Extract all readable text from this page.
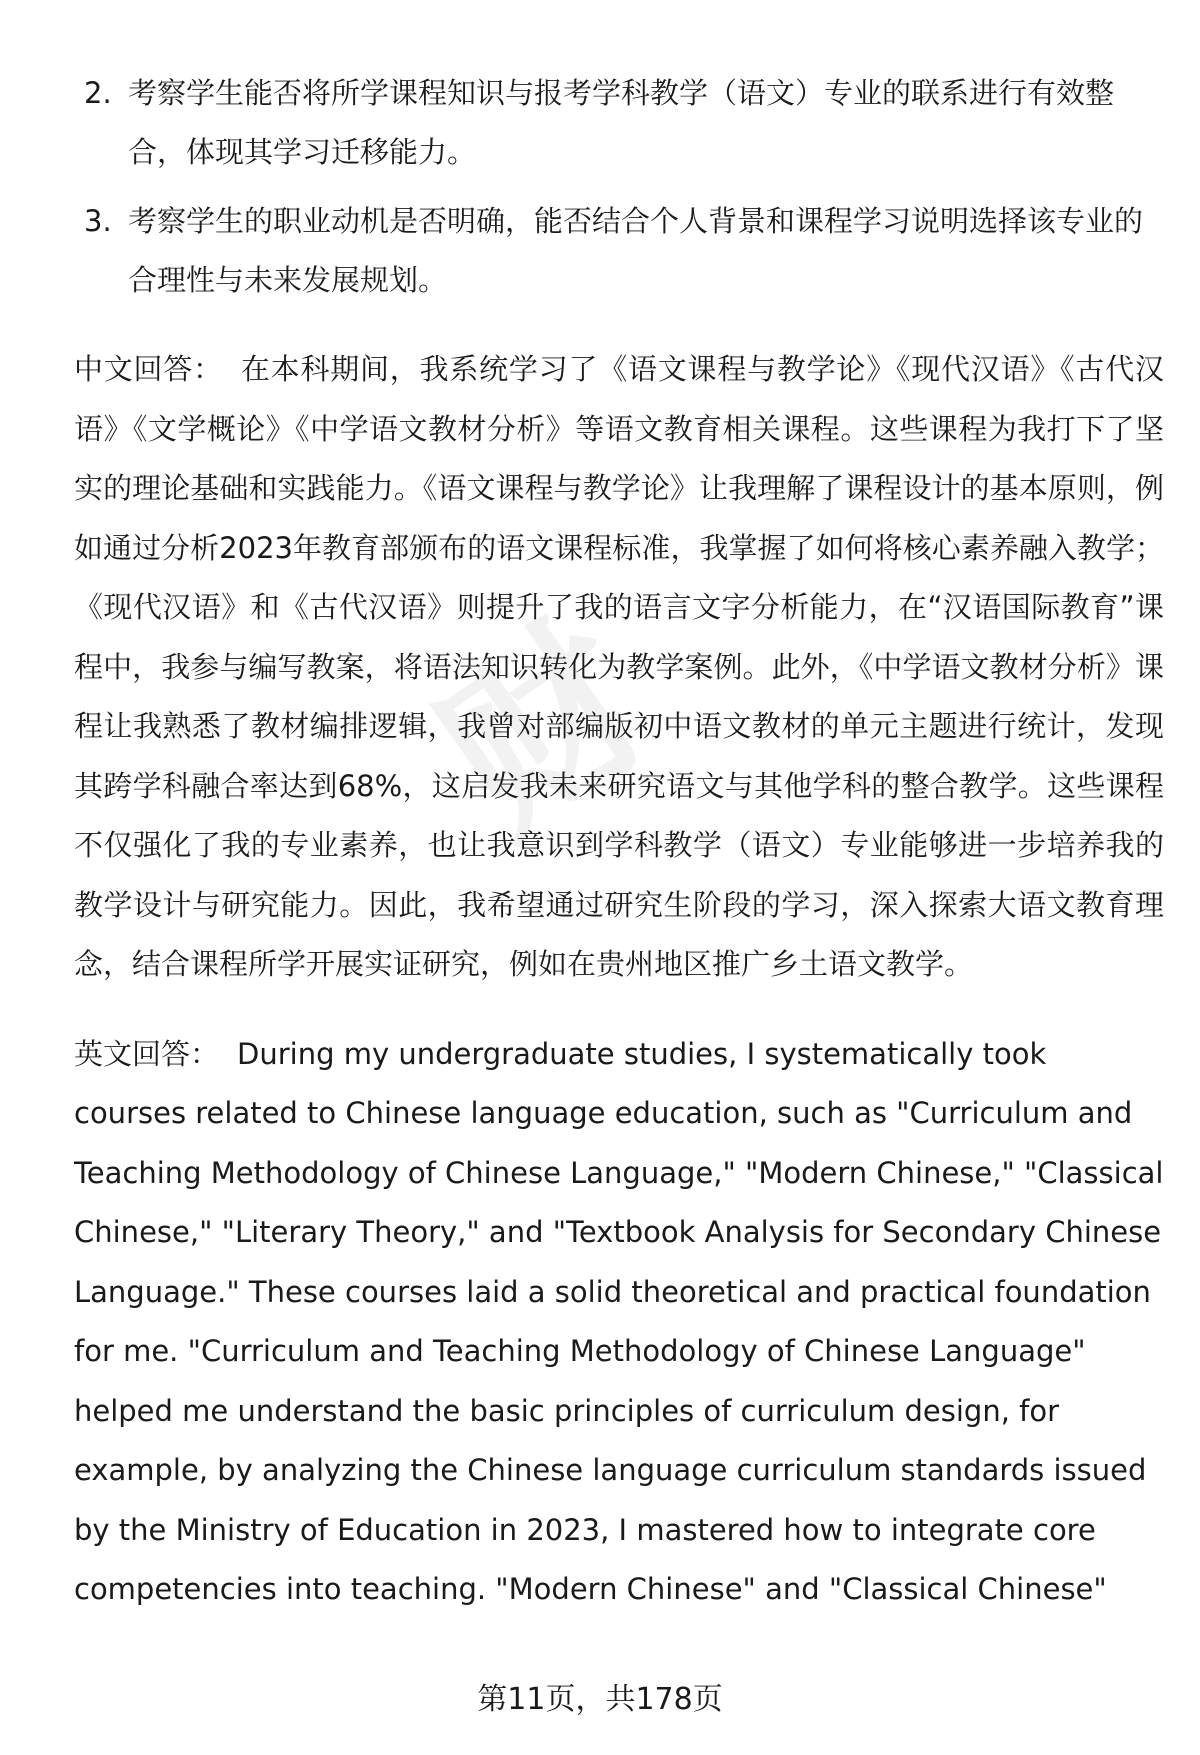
财
2. 考察学生能否将所学课程知识与报考学科教学（语文）专业的联系进行有效整合，体现其学习迁移能力。
3. 考察学生的职业动机是否明确，能否结合个人背景和课程学习说明选择该专业的合理性与未来发展规划。

中文回答： 在本科期间，我系统学习了《语文课程与教学论》《现代汉语》《古代汉语》《文学概论》《中学语文教材分析》等语文教育相关课程。这些课程为我打下了坚实的理论基础和实践能力。《语文课程与教学论》让我理解了课程设计的基本原则，例如通过分析2023年教育部颁布的语文课程标准，我掌握了如何将核心素养融入教学；《现代汉语》和《古代汉语》则提升了我的语言文字分析能力，在“汉语国际教育”课程中，我参与编写教案，将语法知识转化为教学案例。此外，《中学语文教材分析》课程让我熟悉了教材编排逻辑，我曾对部编版初中语文教材的单元主题进行统计，发现其跨学科融合率达到68%，这启发我未来研究语文与其他学科的整合教学。这些课程不仅强化了我的专业素养，也让我意识到学科教学（语文）专业能够进一步培养我的教学设计与研究能力。因此，我希望通过研究生阶段的学习，深入探索大语文教育理念，结合课程所学开展实证研究，例如在贵州地区推广乡土语文教学。

英文回答： During my undergraduate studies, I systematically took courses related to Chinese language education, such as "Curriculum and Teaching Methodology of Chinese Language," "Modern Chinese," "Classical Chinese," "Literary Theory," and "Textbook Analysis for Secondary Chinese Language." These courses laid a solid theoretical and practical foundation for me. "Curriculum and Teaching Methodology of Chinese Language" helped me understand the basic principles of curriculum design, for example, by analyzing the Chinese language curriculum standards issued by the Ministry of Education in 2023, I mastered how to integrate core competencies into teaching. "Modern Chinese" and "Classical Chinese"

第11页，共178页
